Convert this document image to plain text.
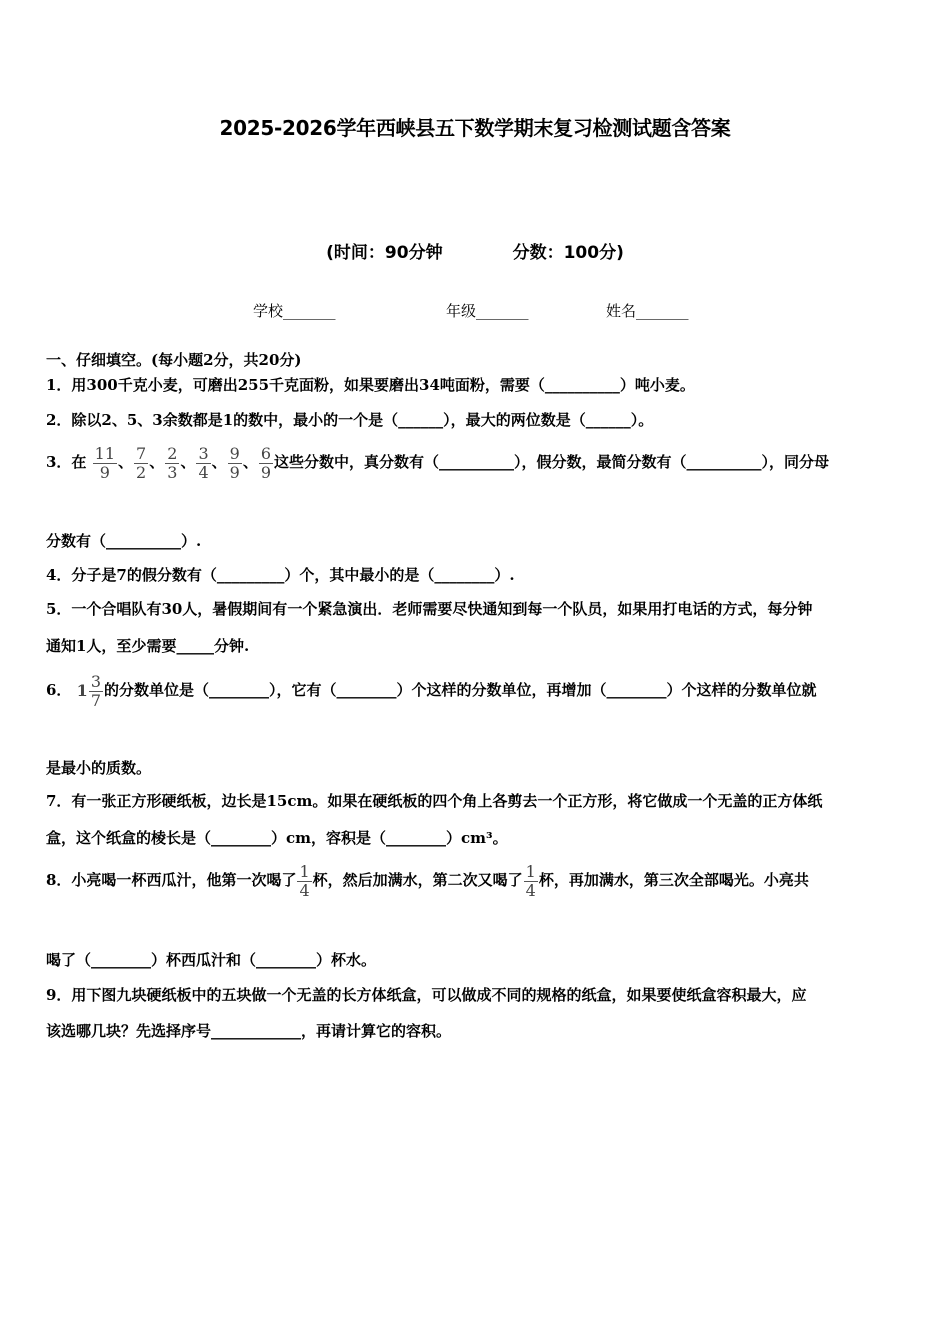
2025-2026学年西峡县五下数学期末复习检测试题含答案
(时间：90分钟	分数：100分)
学校_______	年级_______	姓名_______
一、仔细填空。(每小题2分，共20分)
1．用300千克小麦，可磨出255千克面粉，如果要磨出34吨面粉，需要（__________）吨小麦。
2．除以2、5、3余数都是1的数中，最小的一个是（______），最大的两位数是（______）。
3．在 $\frac{11}{9}$ 、 $\frac{7}{2}$ 、 $\frac{2}{3}$ 、 $\frac{3}{4}$ 、 $\frac{9}{9}$ 、 $\frac{6}{9}$ 这些分数中，真分数有（__________），假分数，最简分数有（__________），同分母
分数有（__________）.
4．分子是7的假分数有（_________）个，其中最小的是（________）.
5．一个合唱队有30人，暑假期间有一个紧急演出．老师需要尽快通知到每一个队员，如果用打电话的方式，每分钟
通知1人，至少需要_____分钟.
6． $1 \frac{3}{7}$ 的分数单位是（________），它有（________）个这样的分数单位，再增加（________）个这样的分数单位就
是最小的质数。
7．有一张正方形硬纸板，边长是15cm。如果在硬纸板的四个角上各剪去一个正方形，将它做成一个无盖的正方体纸
盒，这个纸盒的棱长是（________）cm，容积是（________）cm³。
8．小亮喝一杯西瓜汁，他第一次喝了 $\frac{1}{4}$ 杯，然后加满水，第二次又喝了 $\frac{1}{4}$ 杯，再加满水，第三次全部喝光。小亮共
喝了（________）杯西瓜汁和（________）杯水。
9．用下图九块硬纸板中的五块做一个无盖的长方体纸盒，可以做成不同的规格的纸盒，如果要使纸盒容积最大，应
该选哪几块？先选择序号____________，再请计算它的容积。
